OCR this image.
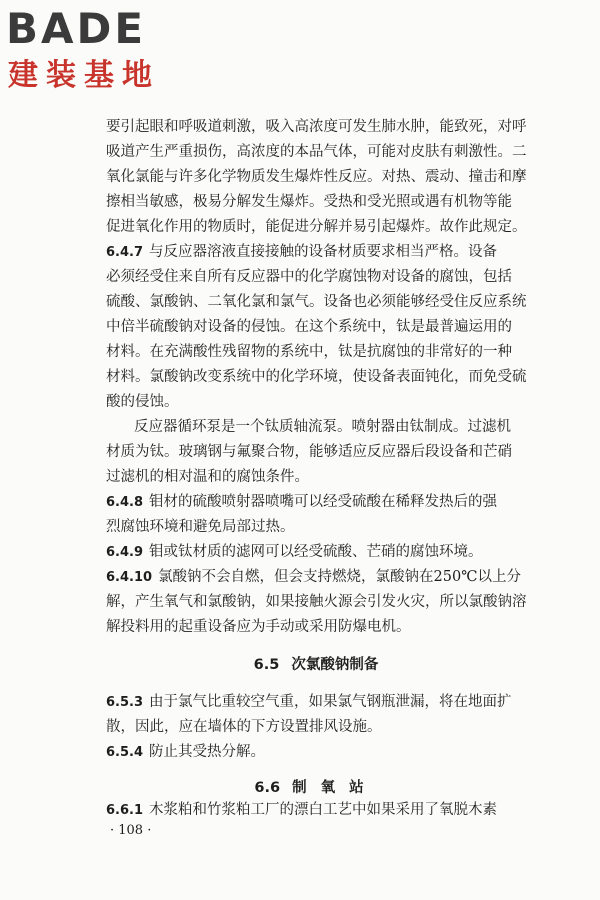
BADE
建装基地
要引起眼和呼吸道刺激，吸入高浓度可发生肺水肿，能致死，对呼
吸道产生严重损伤，高浓度的本品气体，可能对皮肤有刺激性。二
氧化氯能与许多化学物质发生爆炸性反应。对热、震动、撞击和摩
擦相当敏感，极易分解发生爆炸。受热和受光照或遇有机物等能
促进氧化作用的物质时，能促进分解并易引起爆炸。故作此规定。
6.4.7 与反应器溶液直接接触的设备材质要求相当严格。设备
必须经受住来自所有反应器中的化学腐蚀物对设备的腐蚀，包括
硫酸、氯酸钠、二氧化氯和氯气。设备也必须能够经受住反应系统
中倍半硫酸钠对设备的侵蚀。在这个系统中，钛是最普遍运用的
材料。在充满酸性残留物的系统中，钛是抗腐蚀的非常好的一种
材料。氯酸钠改变系统中的化学环境，使设备表面钝化，而免受硫
酸的侵蚀。
反应器循环泵是一个钛质轴流泵。喷射器由钛制成。过滤机
材质为钛。玻璃钢与氟聚合物，能够适应反应器后段设备和芒硝
过滤机的相对温和的腐蚀条件。
6.4.8 钼材的硫酸喷射器喷嘴可以经受硫酸在稀释发热后的强
烈腐蚀环境和避免局部过热。
6.4.9 钼或钛材质的滤网可以经受硫酸、芒硝的腐蚀环境。
6.4.10 氯酸钠不会自燃，但会支持燃烧，氯酸钠在250℃以上分
解，产生氧气和氯酸钠，如果接触火源会引发火灾，所以氯酸钠溶
解投料用的起重设备应为手动或采用防爆电机。
6.5 次氯酸钠制备
6.5.3 由于氯气比重较空气重，如果氯气钢瓶泄漏，将在地面扩
散，因此，应在墙体的下方设置排风设施。
6.5.4 防止其受热分解。
6.6 制氧站
6.6.1 木浆粕和竹浆粕工厂的漂白工艺中如果采用了氧脱木素
· 108 ·
